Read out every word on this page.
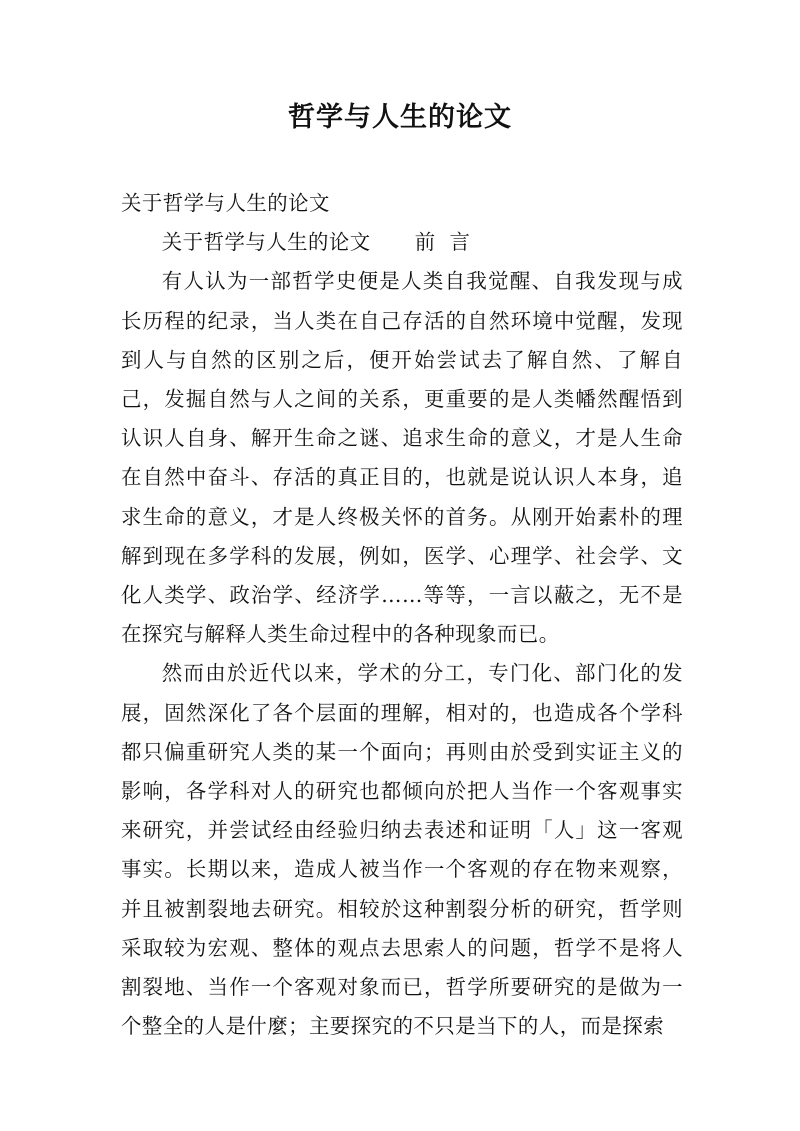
哲学与人生的论文

关于哲学与人生的论文

关于哲学与人生的论文 前  言

有人认为一部哲学史便是人类自我觉醒、自我发现与成长历程的纪录，当人类在自己存活的自然环境中觉醒，发现到人与自然的区别之后，便开始尝试去了解自然、了解自己，发掘自然与人之间的关系，更重要的是人类幡然醒悟到认识人自身、解开生命之谜、追求生命的意义，才是人生命在自然中奋斗、存活的真正目的，也就是说认识人本身，追求生命的意义，才是人终极关怀的首务。从刚开始素朴的理解到现在多学科的发展，例如，医学、心理学、社会学、文化人类学、政治学、经济学……等等，一言以蔽之，无不是在探究与解释人类生命过程中的各种现象而已。

然而由於近代以来，学术的分工，专门化、部门化的发展，固然深化了各个层面的理解，相对的，也造成各个学科都只偏重研究人类的某一个面向；再则由於受到实证主义的影响，各学科对人的研究也都倾向於把人当作一个客观事实来研究，并尝试经由经验归纳去表述和证明「人」这一客观事实。长期以来，造成人被当作一个客观的存在物来观察，并且被割裂地去研究。相较於这种割裂分析的研究，哲学则采取较为宏观、整体的观点去思索人的问题，哲学不是将人割裂地、当作一个客观对象而已，哲学所要研究的是做为一个整全的人是什麼；主要探究的不只是当下的人，而是探索
